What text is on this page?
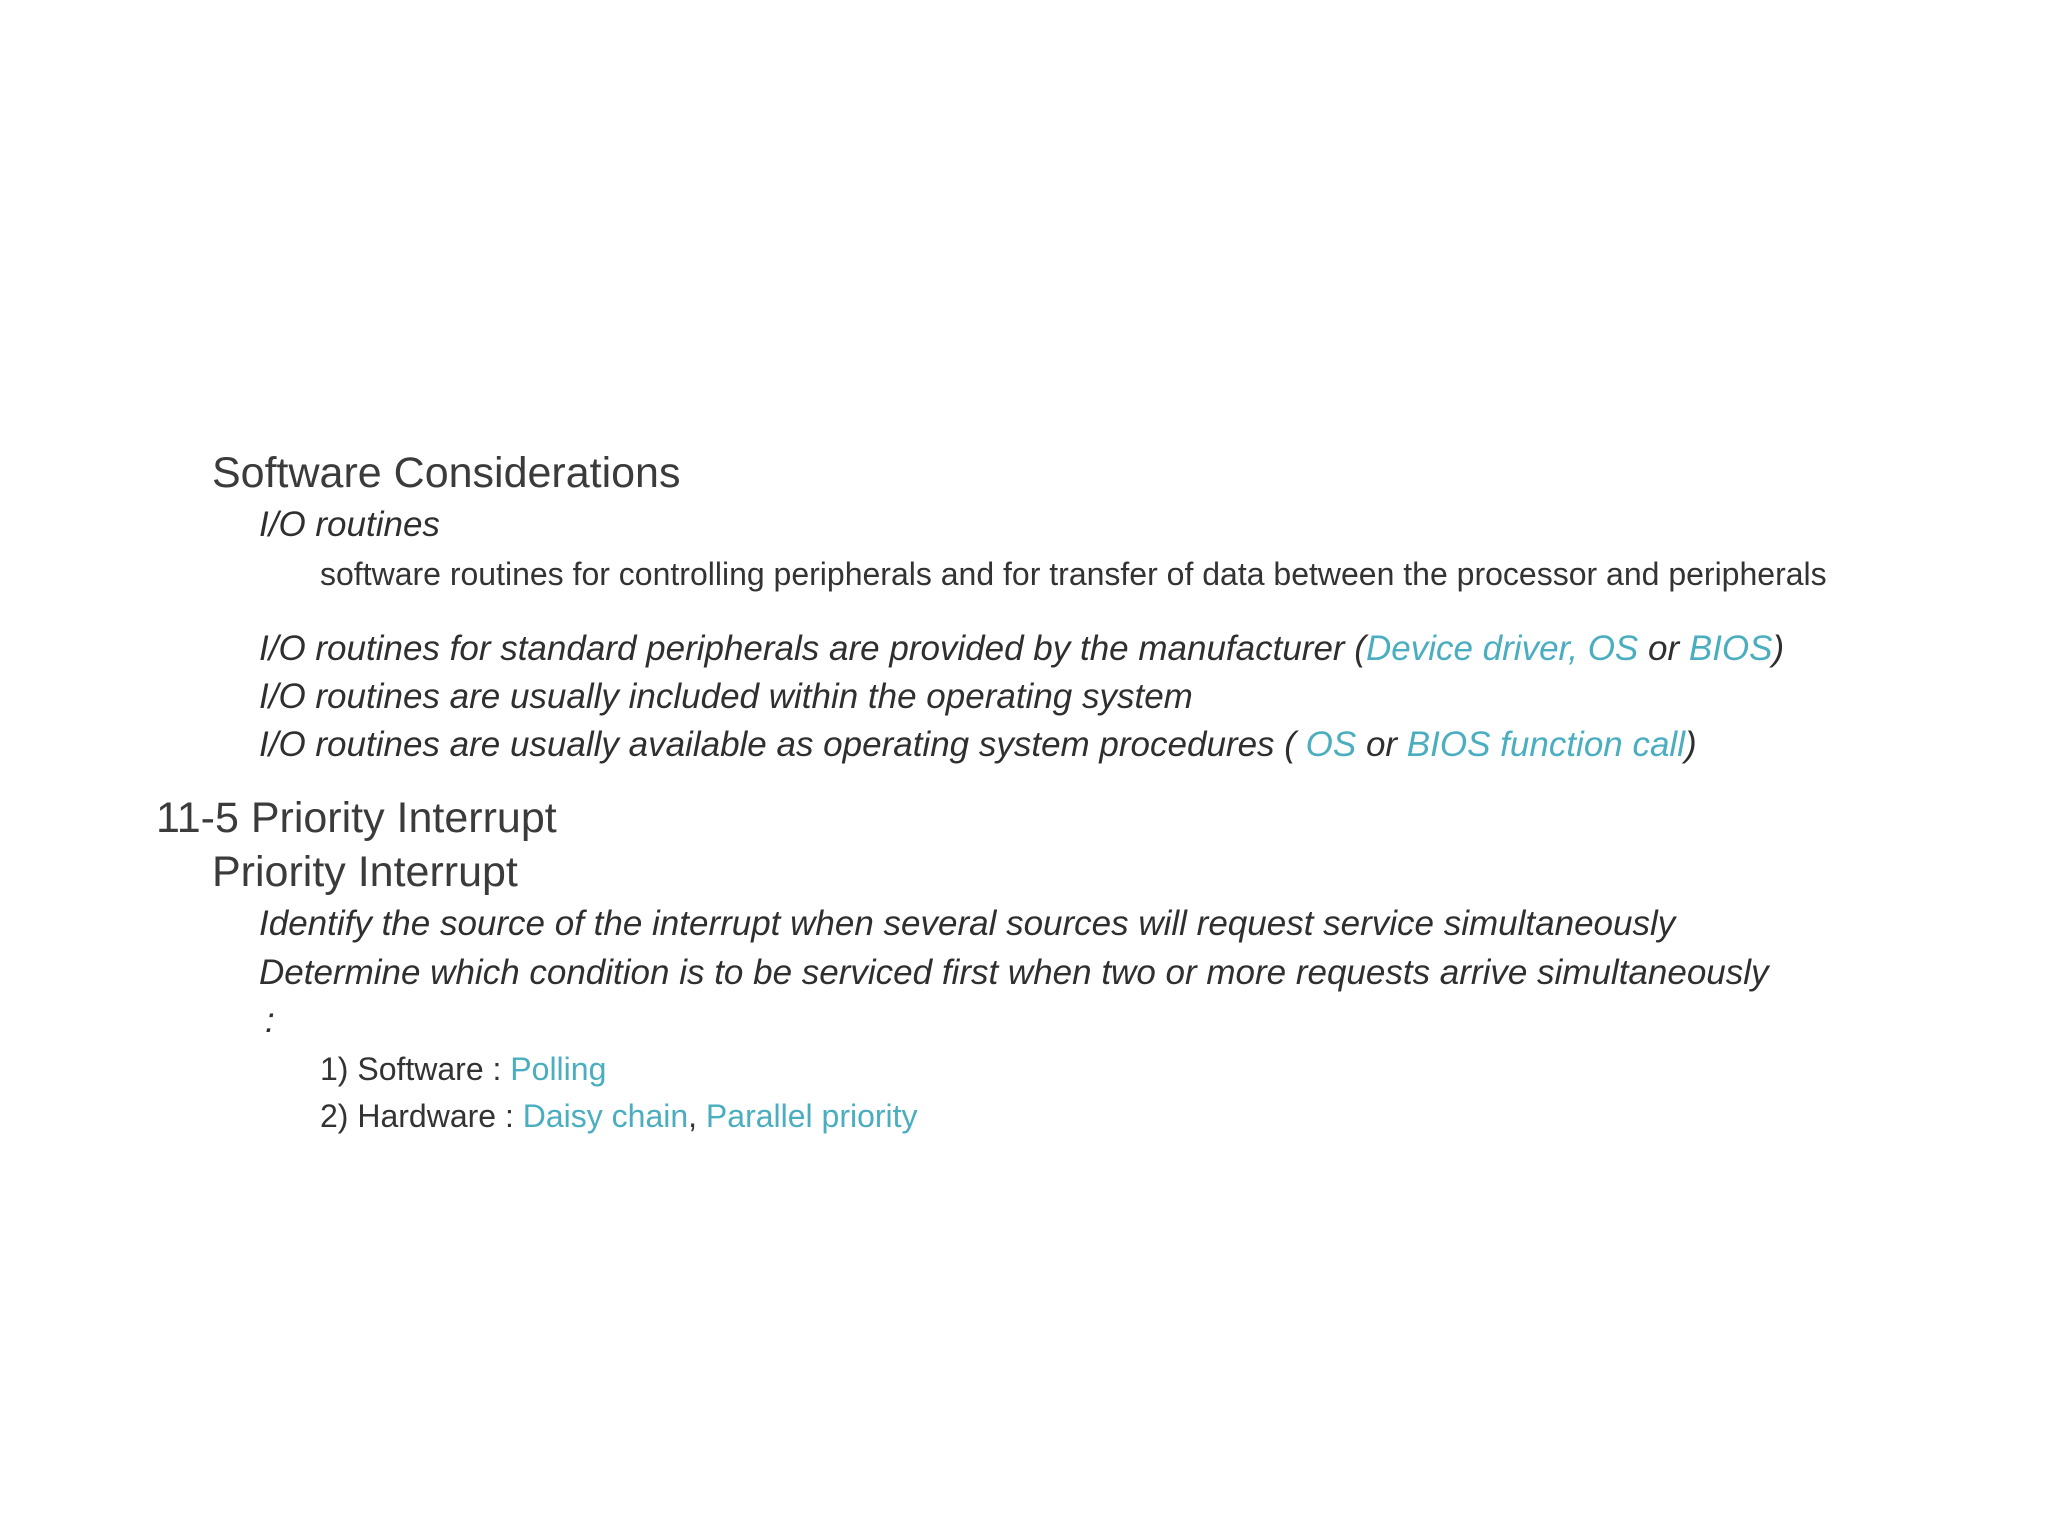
Software Considerations
I/O routines
software routines for controlling peripherals and for transfer of data between the processor and peripherals
I/O routines for standard peripherals are provided by the manufacturer (Device driver, OS or BIOS)
I/O routines are usually included within the operating system
I/O routines are usually available as operating system procedures ( OS or BIOS function call)
11-5 Priority Interrupt
Priority Interrupt
Identify the source of the interrupt when several sources will request service simultaneously
Determine which condition is to be serviced first when two or more requests arrive simultaneously
:
1) Software : Polling
2) Hardware : Daisy chain, Parallel priority
